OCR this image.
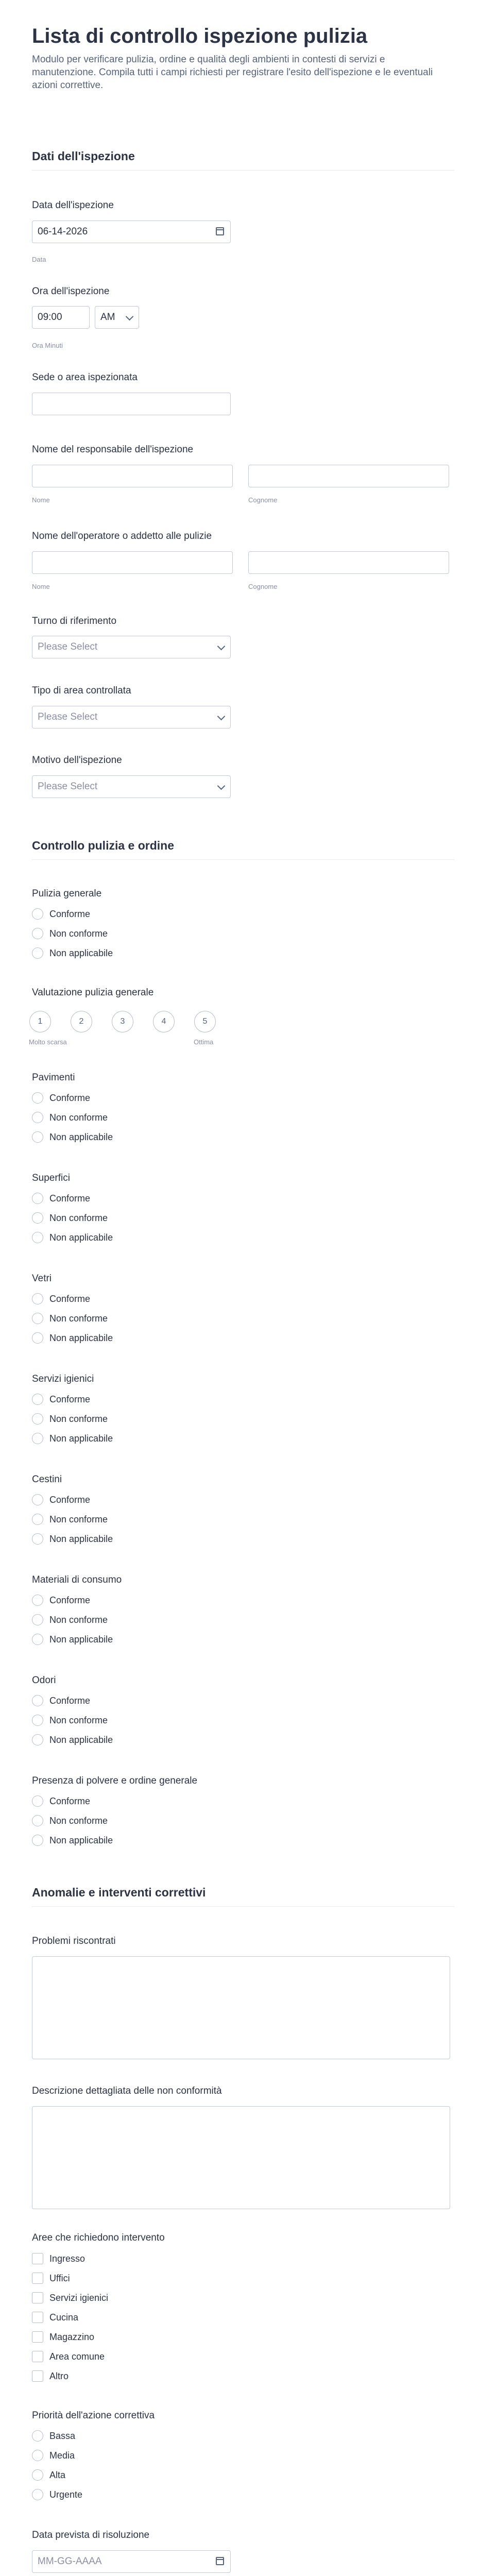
Lista di controllo ispezione pulizia
Modulo per verificare pulizia, ordine e qualità degli ambienti in contesti di servizi e manutenzione. Compila tutti i campi richiesti per registrare l'esito dell'ispezione e le eventuali azioni correttive.
Dati dell'ispezione
Data dell'ispezione
06-14-2026
Data
Ora dell'ispezione
09:00	AM
Ora Minuti
Sede o area ispezionata
Nome del responsabile dell'ispezione
Nome	Cognome
Nome dell'operatore o addetto alle pulizie
Nome	Cognome
Turno di riferimento
Please Select
Tipo di area controllata
Please Select
Motivo dell'ispezione
Please Select
Controllo pulizia e ordine
Pulizia generale
Conforme
Non conforme
Non applicabile
Valutazione pulizia generale
1	2	3	4	5
Molto scarsa	Ottima
Pavimenti
Conforme
Non conforme
Non applicabile
Superfici
Conforme
Non conforme
Non applicabile
Vetri
Conforme
Non conforme
Non applicabile
Servizi igienici
Conforme
Non conforme
Non applicabile
Cestini
Conforme
Non conforme
Non applicabile
Materiali di consumo
Conforme
Non conforme
Non applicabile
Odori
Conforme
Non conforme
Non applicabile
Presenza di polvere e ordine generale
Conforme
Non conforme
Non applicabile
Anomalie e interventi correttivi
Problemi riscontrati
Descrizione dettagliata delle non conformità
Aree che richiedono intervento
Ingresso
Uffici
Servizi igienici
Cucina
Magazzino
Area comune
Altro
Priorità dell'azione correttiva
Bassa
Media
Alta
Urgente
Data prevista di risoluzione
MM-GG-AAAA
